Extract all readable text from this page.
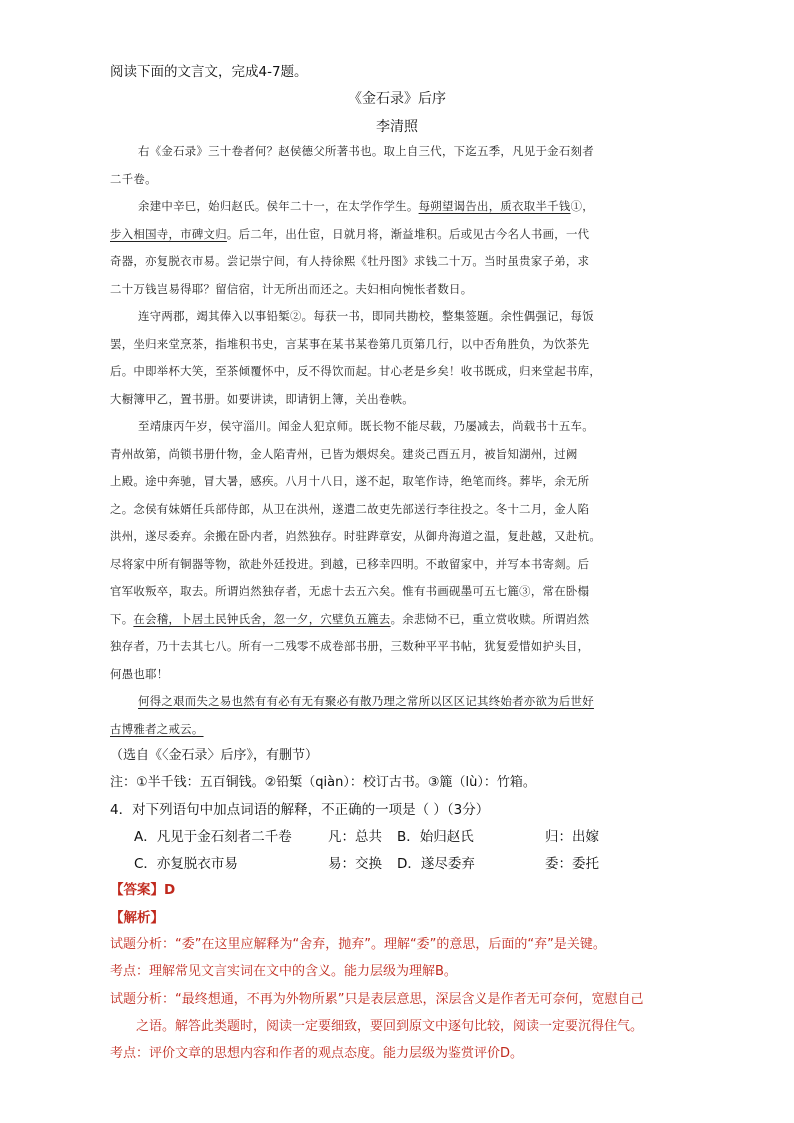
阅读下面的文言文，完成4-7题。
《金石录》后序
李清照
右《金石录》三十卷者何？赵侯德父所著书也。取上自三代，下迄五季，凡见于金石刻者
二千卷。
余建中辛巳，始归赵氏。侯年二十一，在太学作学生。每朔望谒告出，质衣取半千钱①，
步入相国寺，市碑文归。后二年，出仕宦，日就月将，渐益堆积。后或见古今名人书画，一代
奇器，亦复脱衣市易。尝记崇宁间，有人持徐熙《牡丹图》求钱二十万。当时虽贵家子弟，求
二十万钱岂易得耶？留信宿，计无所出而还之。夫妇相向惋怅者数日。
连守两郡，竭其俸入以事铅椠②。每获一书，即同共勘校，整集签题。余性偶强记，每饭
罢，坐归来堂烹茶，指堆积书史，言某事在某书某卷第几页第几行，以中否角胜负，为饮茶先
后。中即举杯大笑，至茶倾覆怀中，反不得饮而起。甘心老是乡矣！收书既成，归来堂起书库，
大橱簿甲乙，置书册。如要讲读，即请钥上簿，关出卷帙。
至靖康丙午岁，侯守淄川。闻金人犯京师。既长物不能尽载，乃屡减去，尚载书十五车。
青州故第，尚锁书册什物，金人陷青州，已皆为煨烬矣。建炎己酉五月，被旨知湖州，过阙
上殿。途中奔驰，冒大暑，感疾。八月十八日，遂不起，取笔作诗，绝笔而终。葬毕，余无所
之。念侯有妹婿任兵部侍郎，从卫在洪州，遂遣二故吏先部送行李往投之。冬十二月，金人陷
洪州，遂尽委弃。余搬在卧内者，岿然独存。时驻跸章安，从御舟海道之温，复赴越，又赴杭。
尽将家中所有铜器等物，欲赴外廷投进。到越，已移幸四明。不敢留家中，并写本书寄剡。后
官军收叛卒，取去。所谓岿然独存者，无虑十去五六矣。惟有书画砚墨可五七簏③，常在卧榻
下。在会稽，卜居土民钟氏舍，忽一夕，穴壁负五簏去。余悲恸不已，重立赏收赎。所谓岿然
独存者，乃十去其七八。所有一二残零不成卷部书册，三数种平平书帖，犹复爱惜如护头目，
何愚也耶！
何得之艰而失之易也然有有必有无有聚必有散乃理之常所以区区记其终始者亦欲为后世好
古博雅者之戒云。
（选自《〈金石录〉后序》，有删节）
注：①半千钱：五百铜钱。②铅椠（qiàn）：校订古书。③簏（lù）：竹箱。
4．对下列语句中加点词语的解释，不正确的一项是（ ）（3分）
A．凡见于金石刻者二千卷	凡：总共 B．始归赵氏	归：出嫁
C．亦复脱衣市易	易：交换 D．遂尽委弃	委：委托
【答案】D
【解析】
试题分析：“委”在这里应解释为“舍弃，抛弃”。理解“委”的意思，后面的“弃”是关键。
考点：理解常见文言实词在文中的含义。能力层级为理解B。
试题分析：“最终想通，不再为外物所累”只是表层意思，深层含义是作者无可奈何，宽慰自己
之语。解答此类题时，阅读一定要细致，要回到原文中逐句比较，阅读一定要沉得住气。
考点：评价文章的思想内容和作者的观点态度。能力层级为鉴赏评价D。
